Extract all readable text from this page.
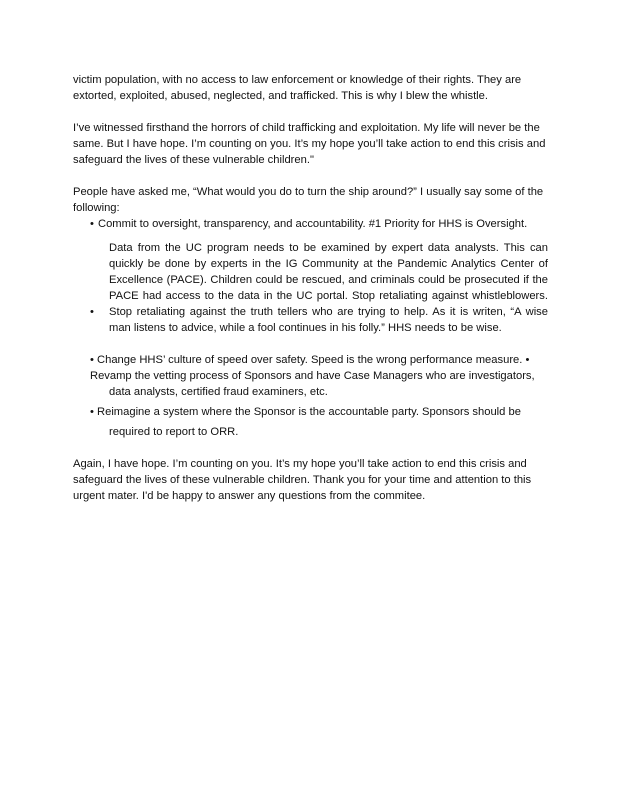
victim population, with no access to law enforcement or knowledge of their rights. They are extorted, exploited, abused, neglected, and trafficked. This is why I blew the whistle.

I’ve witnessed firsthand the horrors of child trafficking and exploitation. My life will never be the same. But I have hope. I’m counting on you. It’s my hope you’ll take action to end this crisis and safeguard the lives of these vulnerable children."

People have asked me, “What would you do to turn the ship around?” I usually say some of the following:

• Commit to oversight, transparency, and accountability. #1 Priority for HHS is Oversight.
•
Data from the UC program needs to be examined by expert data analysts. This can quickly be done by experts in the IG Community at the Pandemic Analytics Center of Excellence (PACE). Children could be rescued, and criminals could be prosecuted if the PACE had access to the data in the UC portal. Stop retaliating against whistleblowers. Stop retaliating against the truth tellers who are trying to help. As it is writen, “A wise man listens to advice, while a fool continues in his folly.” HHS needs to be wise.
• Change HHS’ culture of speed over safety. Speed is the wrong performance measure. • Revamp the vetting process of Sponsors and have Case Managers who are investigators,
data analysts, certified fraud examiners, etc.
• Reimagine a system where the Sponsor is the accountable party. Sponsors should be
required to report to ORR.

Again, I have hope. I’m counting on you. It’s my hope you’ll take action to end this crisis and safeguard the lives of these vulnerable children. Thank you for your time and attention to this urgent mater. I'd be happy to answer any questions from the commitee.
